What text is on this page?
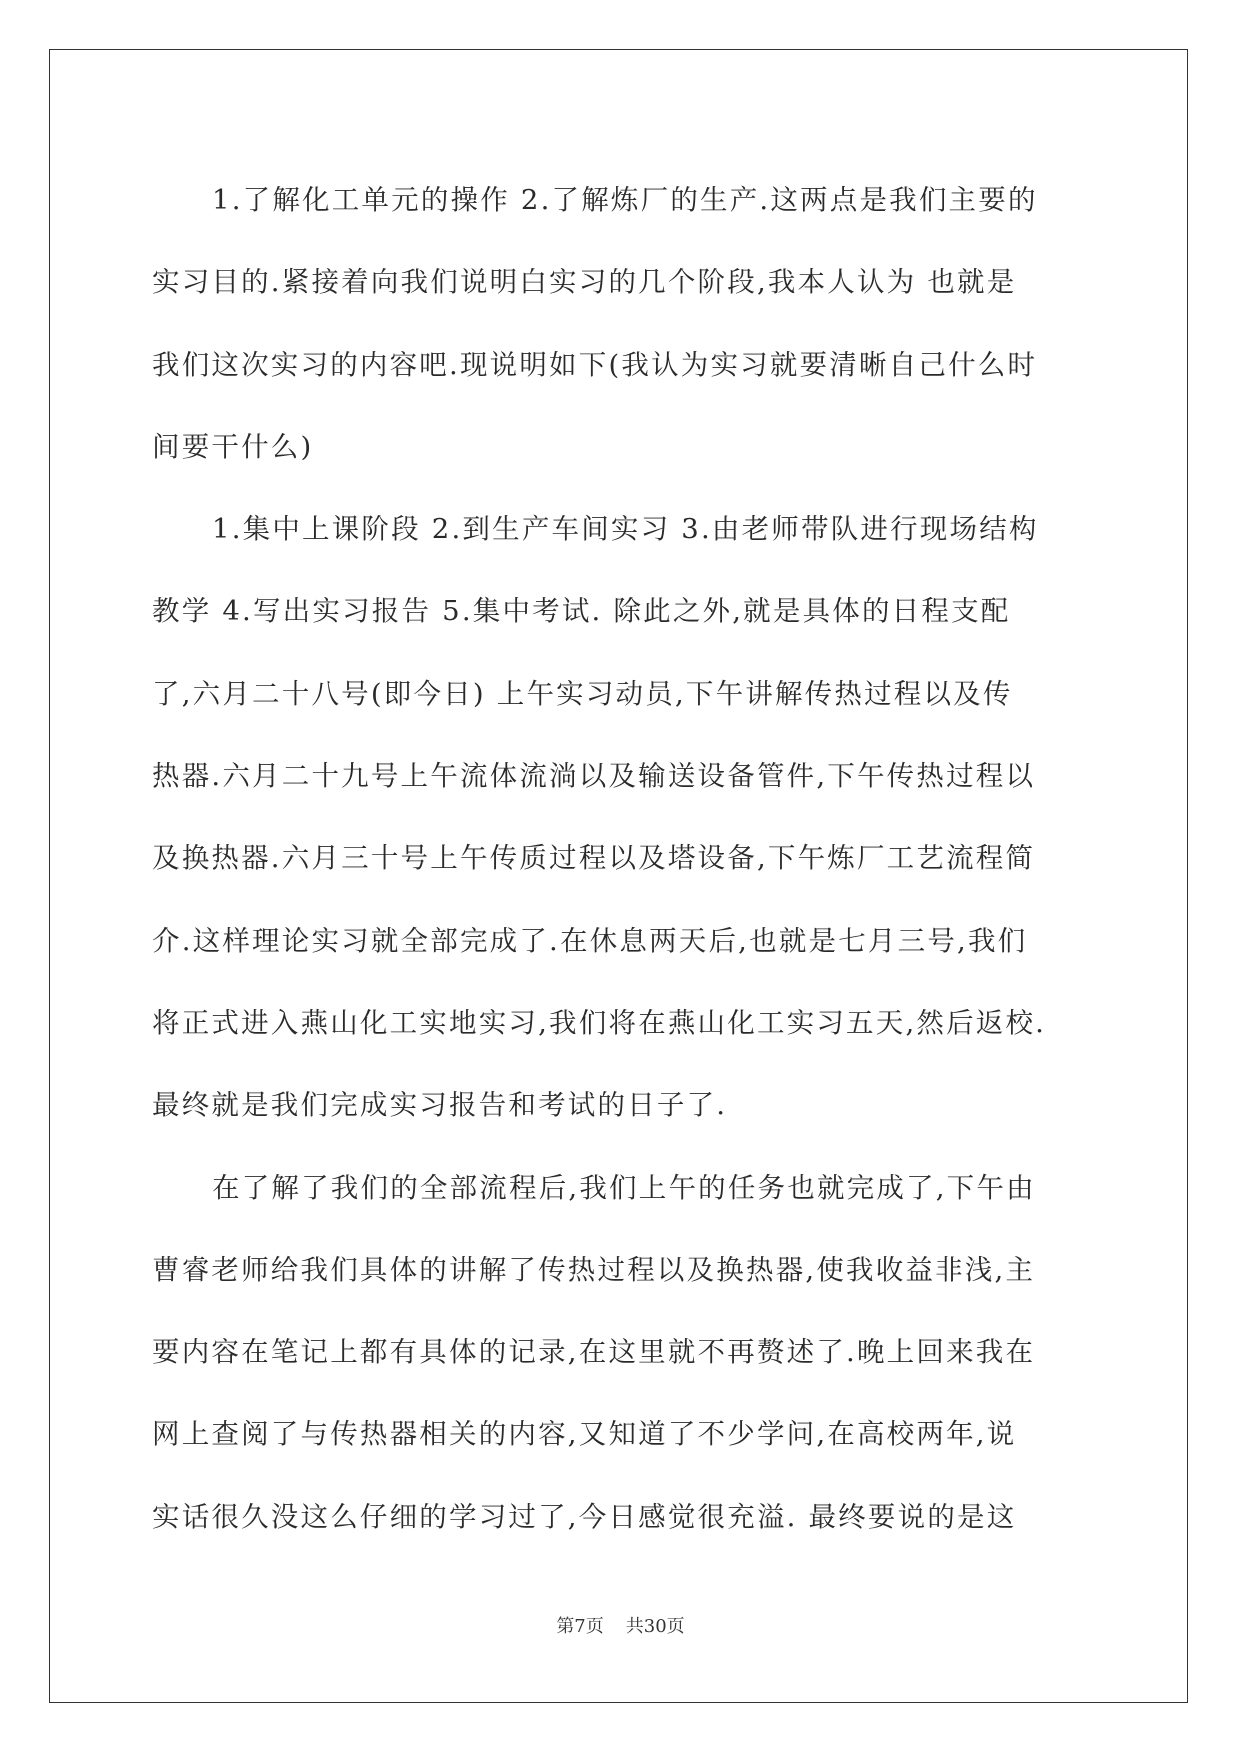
1.了解化工单元的操作 2.了解炼厂的生产.这两点是我们主要的
实习目的.紧接着向我们说明白实习的几个阶段,我本人认为 也就是
我们这次实习的内容吧.现说明如下(我认为实习就要清晰自己什么时
间要干什么)
1.集中上课阶段 2.到生产车间实习 3.由老师带队进行现场结构
教学 4.写出实习报告 5.集中考试. 除此之外,就是具体的日程支配
了,六月二十八号(即今日) 上午实习动员,下午讲解传热过程以及传
热器.六月二十九号上午流体流淌以及输送设备管件,下午传热过程以
及换热器.六月三十号上午传质过程以及塔设备,下午炼厂工艺流程简
介.这样理论实习就全部完成了.在休息两天后,也就是七月三号,我们
将正式进入燕山化工实地实习,我们将在燕山化工实习五天,然后返校.
最终就是我们完成实习报告和考试的日子了.
在了解了我们的全部流程后,我们上午的任务也就完成了,下午由
曹睿老师给我们具体的讲解了传热过程以及换热器,使我收益非浅,主
要内容在笔记上都有具体的记录,在这里就不再赘述了.晚上回来我在
网上查阅了与传热器相关的内容,又知道了不少学问,在高校两年,说
实话很久没这么仔细的学习过了,今日感觉很充溢. 最终要说的是这
第7页 共30页
